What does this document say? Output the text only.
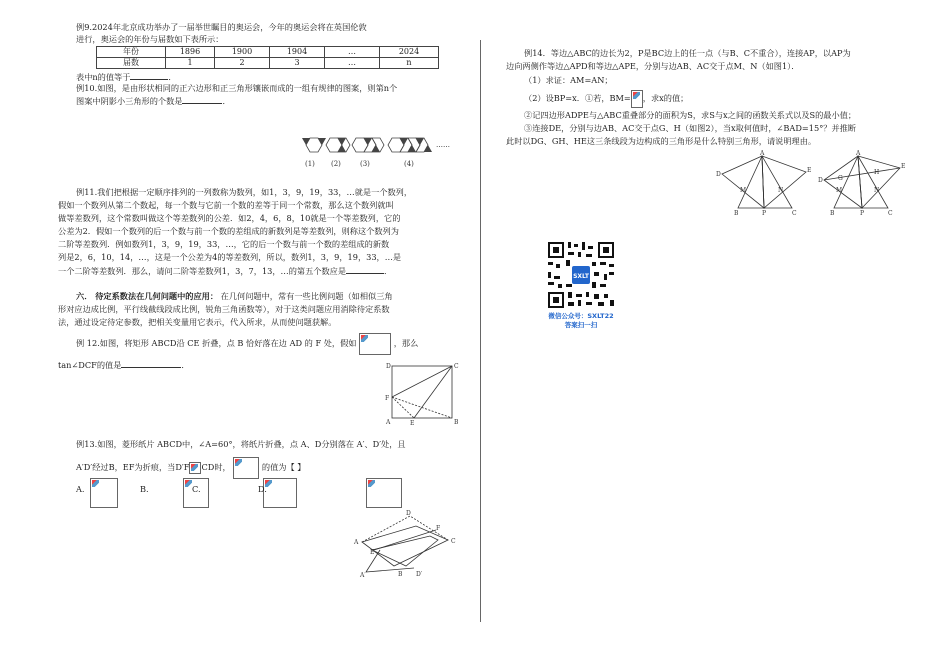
例9.2024年北京成功举办了一届举世瞩目的奥运会，今年的奥运会将在英国伦敦
进行，奥运会的年份与届数如下表所示：
年份	1896	1900	1904	…	2024
届数	1	2	3	…	n
表中n的值等于	．
例10.如图，是由形状相同的正六边形和正三角形镶嵌而成的一组有规律的图案，则第n个
图案中阴影小三角形的个数是	．
(1) (2)	(3)	(4)
……
例11.我们把根据一定顺序排列的一列数称为数列，如1，3，9，19，33，…就是一个数列，
假如一个数列从第二个数起，每一个数与它前一个数的差等于同一个常数，那么这个数列就叫
做等差数列，这个常数叫做这个等差数列的公差．如2，4，6，8，10就是一个等差数列，它的
公差为2．假如一个数列的后一个数与前一个数的差组成的新数列是等差数列，则称这个数列为
二阶等差数列．例如数列1，3，9，19，33，…，它的后一个数与前一个数的差组成的新数
列是2，6，10，14，…，这是一个公差为4的等差数列，所以，数列1，3，9，19，33，…是
一个二阶等差数列．那么，请问二阶等差数列1，3，7，13，…的第五个数应是	．
六． 待定系数法在几何问题中的应用： 在几何问题中，常有一些比例问题（如相似三角
形对应边成比例，平行线截线段成比例，锐角三角函数等），对于这类问题应用消除待定系数
法，通过设定待定参数，把相关变量用它表示，代入所求，从而使问题获解。
例 12.如图，将矩形 ABCD沿 CE 折叠，点 B 恰好落在边 AD 的 F 处，假如	，那么
tan∠DCF的值是	．	D	C
F
E
A	B
例13.如图，菱形纸片 ABCD中，∠A=60°，将纸片折叠，点 A、D分别落在 A′、D′处，且
A′D′经过B，EF为折痕，当D′F CD时，	的值为【 】
A.
	B.
	C.
	D.
D
F
C
A
E
A′	B D′
例14．等边△ABC的边长为2，P是BC边上的任一点（与B、C不重合），连接AP，以AP为
边向两侧作等边△APD和等边△APE，分别与边AB、AC交于点M、N（如图1）．
（1）求证：AM=AN；
（2）设BP=x．①若，BM= ，求x的值；
②记四边形ADPE与△ABC重叠部分的面积为S，求S与x之间的函数关系式以及S的最小值；
③连接DE，分别与边AB、AC交于点G、H（如图2），当x取何值时，∠BAD=15°？并推断
此时以DG、GH、HE这三条线段为边构成的三角形是什么特别三角形，请说明理由。
A
D
M	N
E
B	P	C
A
E
D	G
M
H
N
B	P	C
SXLT
微信公众号：SXLT22
答案扫一扫
